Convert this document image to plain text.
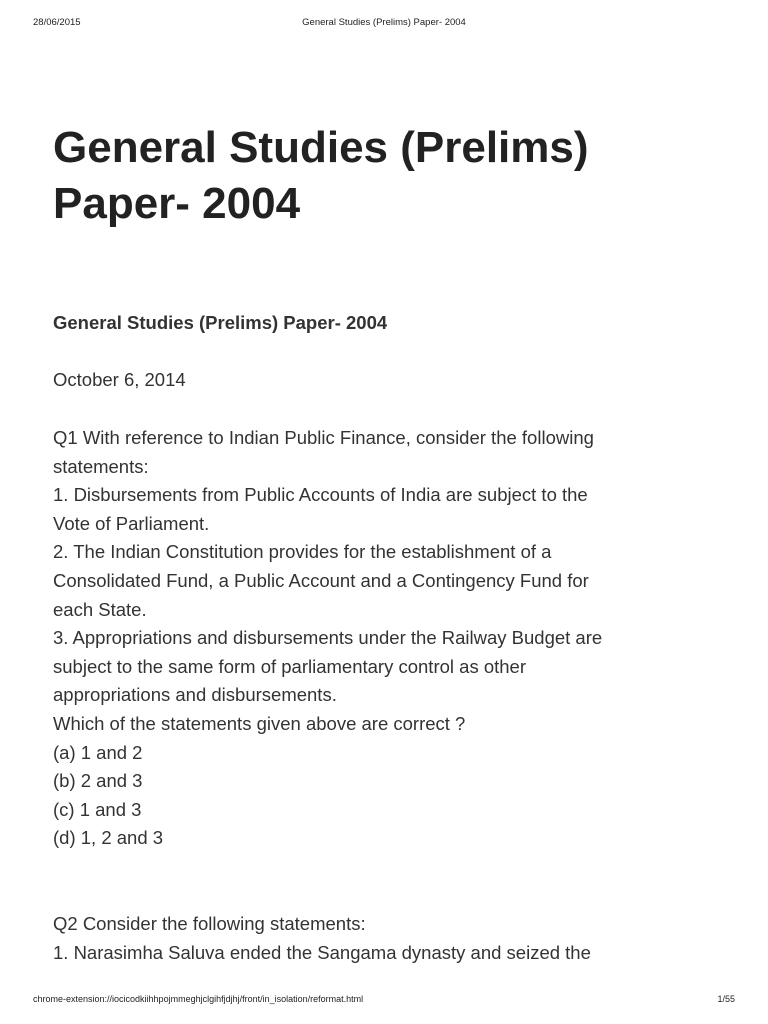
28/06/2015	General Studies (Prelims) Paper- 2004
General Studies (Prelims)
Paper- 2004
General Studies (Prelims) Paper- 2004
October 6, 2014
Q1 With reference to Indian Public Finance, consider the following
statements:
1. Disbursements from Public Accounts of India are subject to the
Vote of Parliament.
2. The Indian Constitution provides for the establishment of a
Consolidated Fund, a Public Account and a Contingency Fund for
each State.
3. Appropriations and disbursements under the Railway Budget are
subject to the same form of parliamentary control as other
appropriations and disbursements.
Which of the statements given above are correct ?
(a) 1 and 2
(b) 2 and 3
(c) 1 and 3
(d) 1, 2 and 3
Q2 Consider the following statements:
1. Narasimha Saluva ended the Sangama dynasty and seized the
chrome-extension://iocicodkiihhpojmmeghjclgihfjdjhj/front/in_isolation/reformat.html	1/55
